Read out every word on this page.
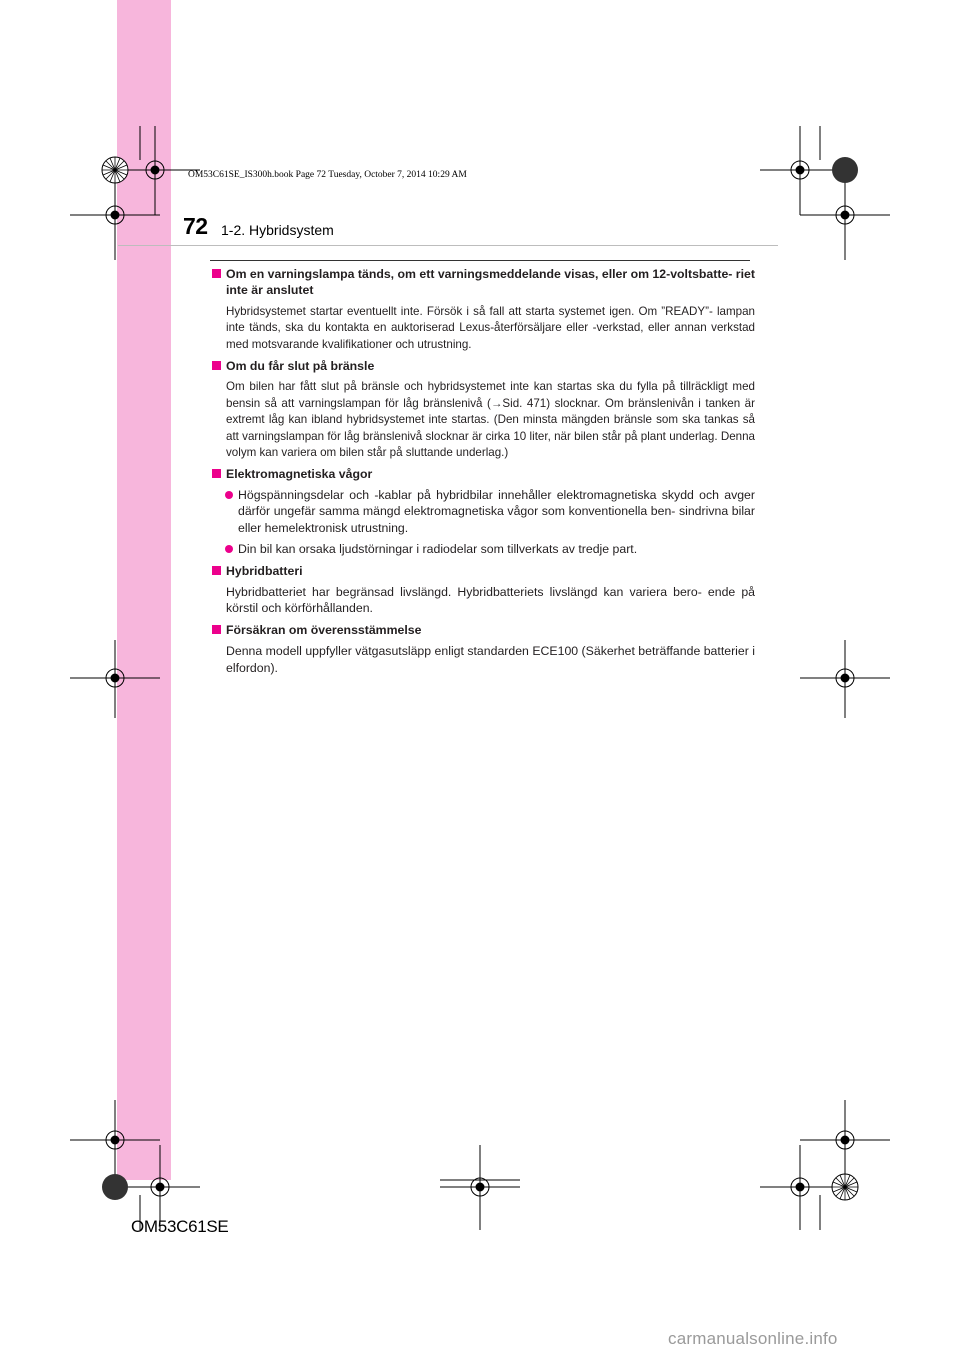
OM53C61SE_IS300h.book Page 72 Tuesday, October 7, 2014 10:29 AM
72 1-2. Hybridsystem
Om en varningslampa tänds, om ett varningsmeddelande visas, eller om 12-voltsbatte- riet inte är anslutet
Hybridsystemet startar eventuellt inte. Försök i så fall att starta systemet igen. Om ”READY”- lampan inte tänds, ska du kontakta en auktoriserad Lexus-återförsäljare eller -verkstad, eller annan verkstad med motsvarande kvalifikationer och utrustning.
Om du får slut på bränsle
Om bilen har fått slut på bränsle och hybridsystemet inte kan startas ska du fylla på tillräckligt med bensin så att varningslampan för låg bränslenivå (→Sid. 471) slocknar. Om bränslenivån i tanken är extremt låg kan ibland hybridsystemet inte startas. (Den minsta mängden bränsle som ska tankas så att varningslampan för låg bränslenivå slocknar är cirka 10 liter, när bilen står på plant underlag. Denna volym kan variera om bilen står på sluttande underlag.)
Elektromagnetiska vågor
Högspänningsdelar och -kablar på hybridbilar innehåller elektromagnetiska skydd och avger därför ungefär samma mängd elektromagnetiska vågor som konventionella ben- sindrivna bilar eller hemelektronisk utrustning.
Din bil kan orsaka ljudstörningar i radiodelar som tillverkats av tredje part.
Hybridbatteri
Hybridbatteriet har begränsad livslängd. Hybridbatteriets livslängd kan variera bero- ende på körstil och körförhållanden.
Försäkran om överensstämmelse
Denna modell uppfyller vätgasutsläpp enligt standarden ECE100 (Säkerhet beträffande batterier i elfordon).
OM53C61SE
carmanualsonline.info
